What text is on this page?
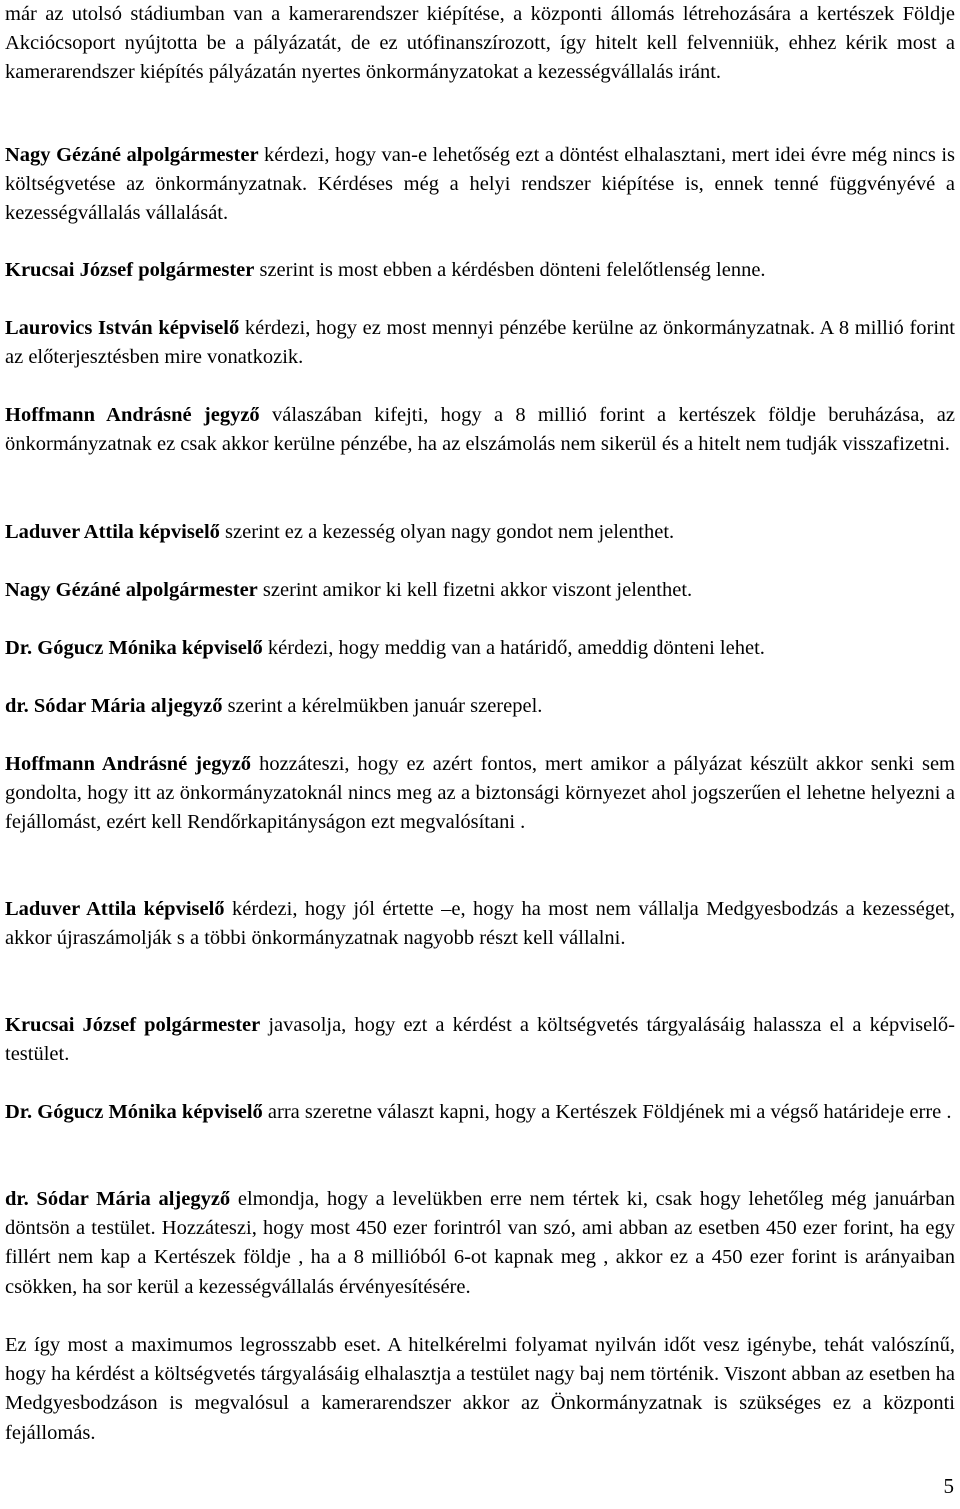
már az utolsó stádiumban van a kamerarendszer kiépítése, a központi állomás létrehozására a kertészek Földje Akciócsoport nyújtotta be a pályázatát, de ez utófinanszírozott, így hitelt kell felvenniük, ehhez kérik most a kamerarendszer kiépítés pályázatán nyertes önkormányzatokat a kezességvállalás iránt.

Nagy Gézáné alpolgármester kérdezi, hogy van-e lehetőség ezt a döntést elhalasztani, mert idei évre még nincs is költségvetése az önkormányzatnak. Kérdéses még a helyi rendszer kiépítése is, ennek tenné függvényévé a kezességvállalás vállalását.

Krucsai József polgármester szerint is most ebben a kérdésben dönteni felelőtlenség lenne.

Laurovics István képviselő kérdezi, hogy ez most mennyi pénzébe kerülne az önkormányzatnak. A 8 millió forint az előterjesztésben mire vonatkozik.

Hoffmann Andrásné jegyző válaszában kifejti, hogy a 8 millió forint a kertészek földje beruházása, az önkormányzatnak ez csak akkor kerülne pénzébe, ha az elszámolás nem sikerül és a hitelt nem tudják visszafizetni.

Laduver Attila képviselő szerint ez a kezesség olyan nagy gondot nem jelenthet.

Nagy Gézáné alpolgármester szerint amikor ki kell fizetni akkor viszont jelenthet.

Dr. Gógucz Mónika képviselő kérdezi, hogy meddig van a határidő, ameddig dönteni lehet.

dr. Sódar Mária aljegyző szerint a kérelmükben január szerepel.

Hoffmann Andrásné jegyző hozzáteszi, hogy ez azért fontos, mert amikor a pályázat készült akkor senki sem gondolta, hogy itt az önkormányzatoknál nincs meg az a biztonsági környezet ahol jogszerűen el lehetne helyezni a fejállomást, ezért kell Rendőrkapitányságon ezt megvalósítani .

Laduver Attila képviselő kérdezi, hogy jól értette –e, hogy ha most nem vállalja Medgyesbodzás a kezességet, akkor újraszámolják s a többi önkormányzatnak nagyobb részt kell vállalni.

Krucsai József polgármester javasolja, hogy ezt a kérdést a költségvetés tárgyalásáig halassza el a képviselő-testület.

Dr. Gógucz Mónika képviselő arra szeretne választ kapni, hogy a Kertészek Földjének mi a végső határideje erre .

dr. Sódar Mária aljegyző elmondja, hogy a levelükben erre nem tértek ki, csak hogy lehetőleg még januárban döntsön a testület. Hozzáteszi, hogy most 450 ezer forintról van szó, ami abban az esetben 450 ezer forint, ha egy fillért nem kap a Kertészek földje , ha a 8 millióból 6-ot kapnak meg , akkor ez a 450 ezer forint is arányaiban csökken, ha sor kerül a kezességvállalás érvényesítésére.

Ez így most a maximumos legrosszabb eset. A hitelkérelmi folyamat nyilván időt vesz igénybe, tehát valószínű, hogy ha kérdést a költségvetés tárgyalásáig elhalasztja a testület nagy baj nem történik. Viszont abban az esetben ha Medgyesbodzáson is megvalósul a kamerarendszer akkor az Önkormányzatnak is szükséges ez a központi fejállomás.

5
